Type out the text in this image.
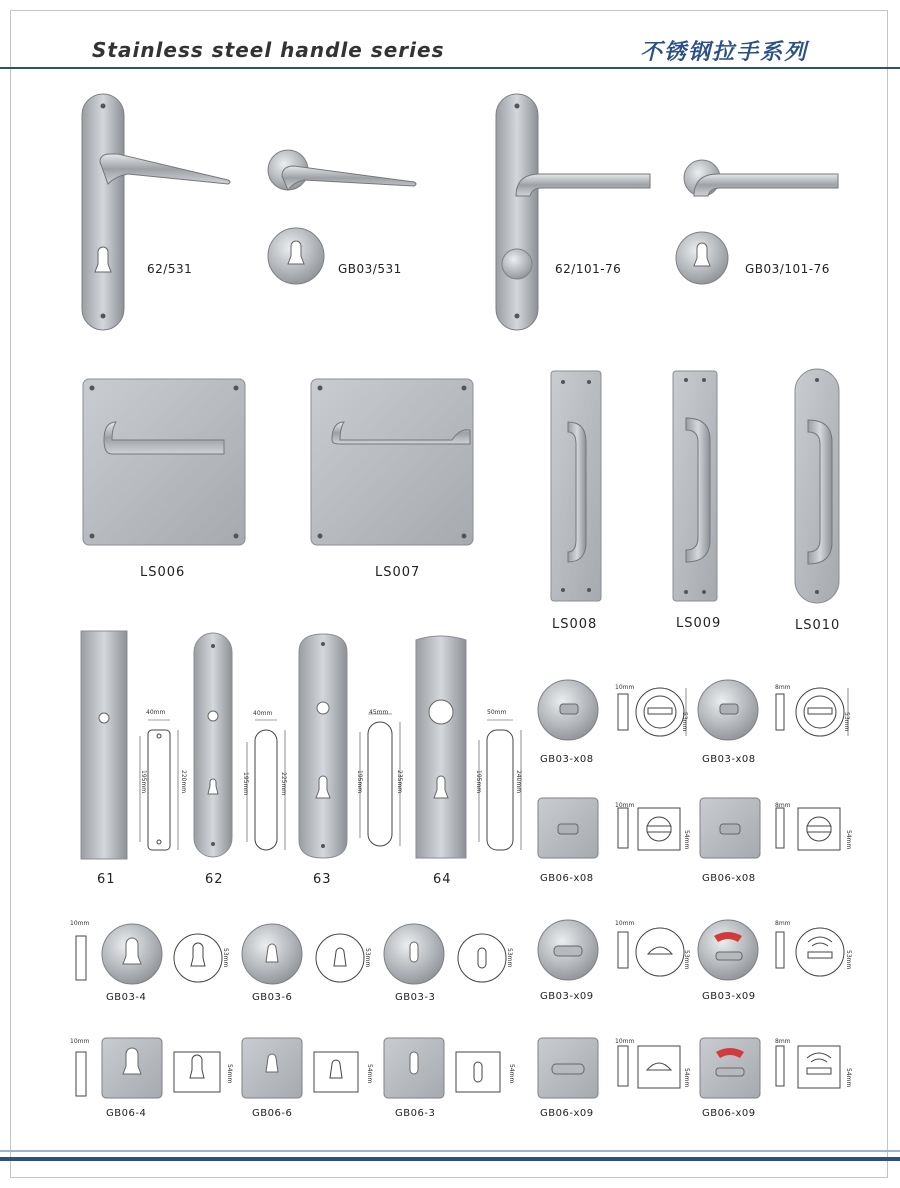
Stainless steel handle series	不锈钢拉手系列
62/531	GB03/531	62/101-76	GB03/101-76
LS006	LS007
LS008	LS009	LS010
40mm
195mm	220mm
61
40mm
195mm	225mm
62
45mm
195mm	235mm
63
50mm
195mm	240mm
64
10mm
53mm
GB03-x08
8mm
53mm
GB03-x08
10mm
54mm
GB06-x08
8mm
54mm
GB06-x08
10mm
53mm
GB03-x09
8mm
53mm
GB03-x09
10mm
54mm
GB06-x09
8mm
54mm
GB06-x09
10mm
53mm
GB03-4
53mm
GB03-6
53mm
GB03-3
10mm
54mm
GB06-4
54mm
GB06-6
54mm
GB06-3
